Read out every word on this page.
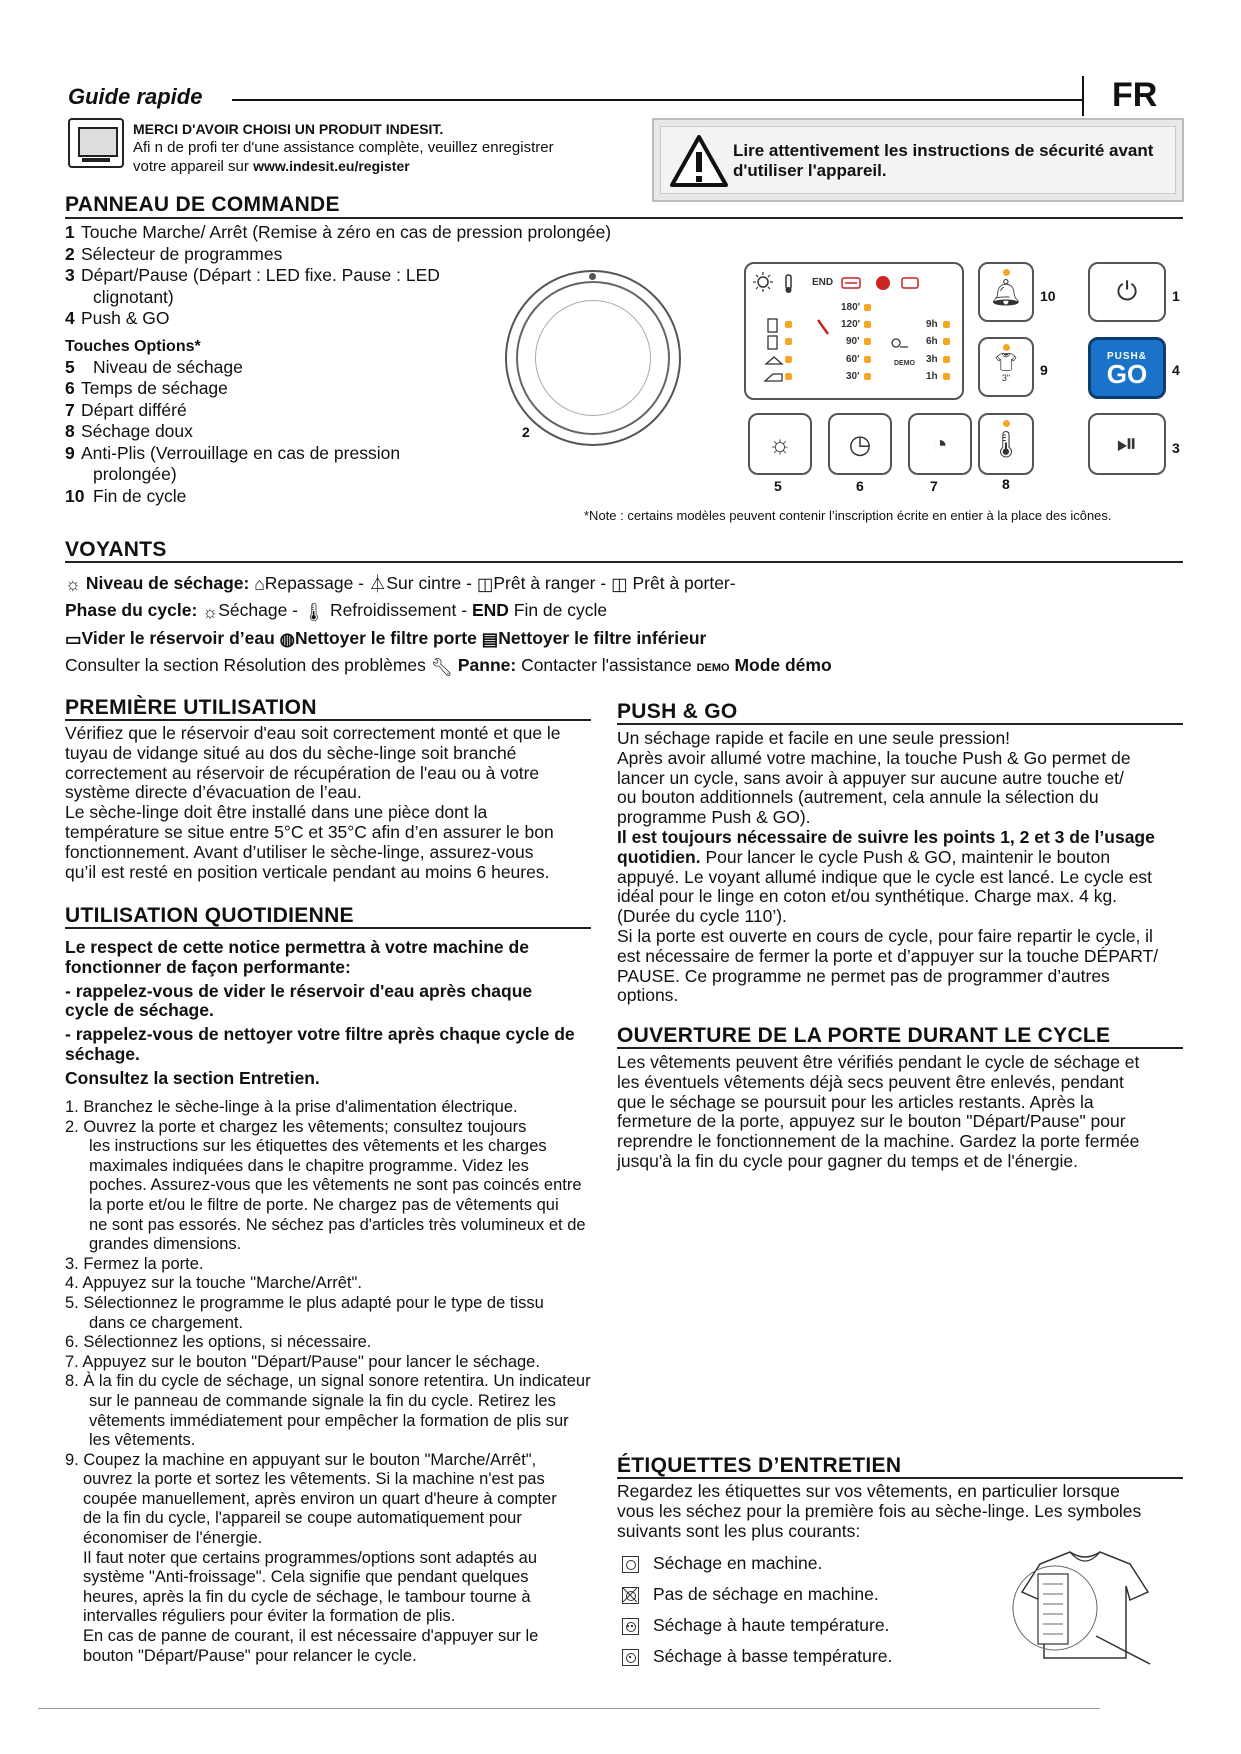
Guide rapide	FR
MERCI D'AVOIR CHOISI UN PRODUIT INDESIT.
Afi n de profi ter d'une assistance complète, veuillez enregistrer
votre appareil sur www.indesit.eu/register
Lire attentivement les instructions de sécurité avant
d'utiliser l'appareil.
PANNEAU DE COMMANDE
1 Touche Marche/ Arrêt (Remise à zéro en cas de pression prolongée)
2 Sélecteur de programmes
3 Départ/Pause (Départ : LED fixe. Pause : LED
clignotant)
4 Push & GO
Touches Options*
5 Niveau de séchage
6 Temps de séchage
7 Départ différé
8 Séchage doux
9 Anti-Plis (Verrouillage en cas de pression
prolongée)
10 Fin de cycle
2
END
180'
120'
90'
60'
30'
9h
6h
3h
1h
DEMO
🔔︎ 10 ⏻ 1
👕︎
3" 9
PUSH&
GO 4
☼ ◷ ◔ 🌡︎	⏯ 3
5	6	7	8
*Note : certains modèles peuvent contenir l’inscription écrite en entier à la place des icônes.
VOYANTS
☼ Niveau de séchage: ⌂Repassage - ⏃Sur cintre - ◫Prêt à ranger - ◫ Prêt à porter-
Phase du cycle: ☼Séchage - 🌡︎ Refroidissement - END Fin de cycle
▭Vider le réservoir d’eau ◍Nettoyer le filtre porte ▤Nettoyer le filtre inférieur
Consulter la section Résolution des problèmes 🔧︎ Panne: Contacter l'assistance DEMO Mode démo
PREMIÈRE UTILISATION
Vérifiez que le réservoir d'eau soit correctement monté et que le
tuyau de vidange situé au dos du sèche-linge soit branché
correctement au réservoir de récupération de l'eau ou à votre
système directe d’évacuation de l’eau.
Le sèche-linge doit être installé dans une pièce dont la
température se situe entre 5°C et 35°C afin d’en assurer le bon
fonctionnement. Avant d’utiliser le sèche-linge, assurez-vous
qu’il est resté en position verticale pendant au moins 6 heures.
UTILISATION QUOTIDIENNE
Le respect de cette notice permettra à votre machine de
fonctionner de façon performante:
- rappelez-vous de vider le réservoir d'eau après chaque
cycle de séchage.
- rappelez-vous de nettoyer votre filtre après chaque cycle de
séchage.
Consultez la section Entretien.
1. Branchez le sèche-linge à la prise d'alimentation électrique.
2. Ouvrez la porte et chargez les vêtements; consultez toujours
les instructions sur les étiquettes des vêtements et les charges
maximales indiquées dans le chapitre programme. Videz les
poches. Assurez-vous que les vêtements ne sont pas coincés entre
la porte et/ou le filtre de porte. Ne chargez pas de vêtements qui
ne sont pas essorés. Ne séchez pas d'articles très volumineux et de
grandes dimensions.
3. Fermez la porte.
4. Appuyez sur la touche "Marche/Arrêt".
5. Sélectionnez le programme le plus adapté pour le type de tissu
dans ce chargement.
6. Sélectionnez les options, si nécessaire.
7. Appuyez sur le bouton "Départ/Pause" pour lancer le séchage.
8. À la fin du cycle de séchage, un signal sonore retentira. Un indicateur
sur le panneau de commande signale la fin du cycle. Retirez les
vêtements immédiatement pour empêcher la formation de plis sur
les vêtements.
9. Coupez la machine en appuyant sur le bouton "Marche/Arrêt",
ouvrez la porte et sortez les vêtements. Si la machine n'est pas
coupée manuellement, après environ un quart d'heure à compter
de la fin du cycle, l'appareil se coupe automatiquement pour
économiser de l'énergie.
Il faut noter que certains programmes/options sont adaptés au
système "Anti-froissage". Cela signifie que pendant quelques
heures, après la fin du cycle de séchage, le tambour tourne à
intervalles réguliers pour éviter la formation de plis.
En cas de panne de courant, il est nécessaire d'appuyer sur le
bouton "Départ/Pause" pour relancer le cycle.
PUSH & GO
Un séchage rapide et facile en une seule pression!
Après avoir allumé votre machine, la touche Push & Go permet de
lancer un cycle, sans avoir à appuyer sur aucune autre touche et/
ou bouton additionnels (autrement, cela annule la sélection du
programme Push & GO).
Il est toujours nécessaire de suivre les points 1, 2 et 3 de l’usage
quotidien. Pour lancer le cycle Push & GO, maintenir le bouton
appuyé. Le voyant allumé indique que le cycle est lancé. Le cycle est
idéal pour le linge en coton et/ou synthétique. Charge max. 4 kg.
(Durée du cycle 110’).
Si la porte est ouverte en cours de cycle, pour faire repartir le cycle, il
est nécessaire de fermer la porte et d’appuyer sur la touche DÉPART/
PAUSE. Ce programme ne permet pas de programmer d’autres
options.
OUVERTURE DE LA PORTE DURANT LE CYCLE
Les vêtements peuvent être vérifiés pendant le cycle de séchage et
les éventuels vêtements déjà secs peuvent être enlevés, pendant
que le séchage se poursuit pour les articles restants. Après la
fermeture de la porte, appuyez sur le bouton "Départ/Pause" pour
reprendre le fonctionnement de la machine. Gardez la porte fermée
jusqu'à la fin du cycle pour gagner du temps et de l'énergie.
ÉTIQUETTES D’ENTRETIEN
Regardez les étiquettes sur vos vêtements, en particulier lorsque
vous les séchez pour la première fois au sèche-linge. Les symboles
suivants sont les plus courants:
Séchage en machine.
Pas de séchage en machine.
Séchage à haute température.
Séchage à basse température.
